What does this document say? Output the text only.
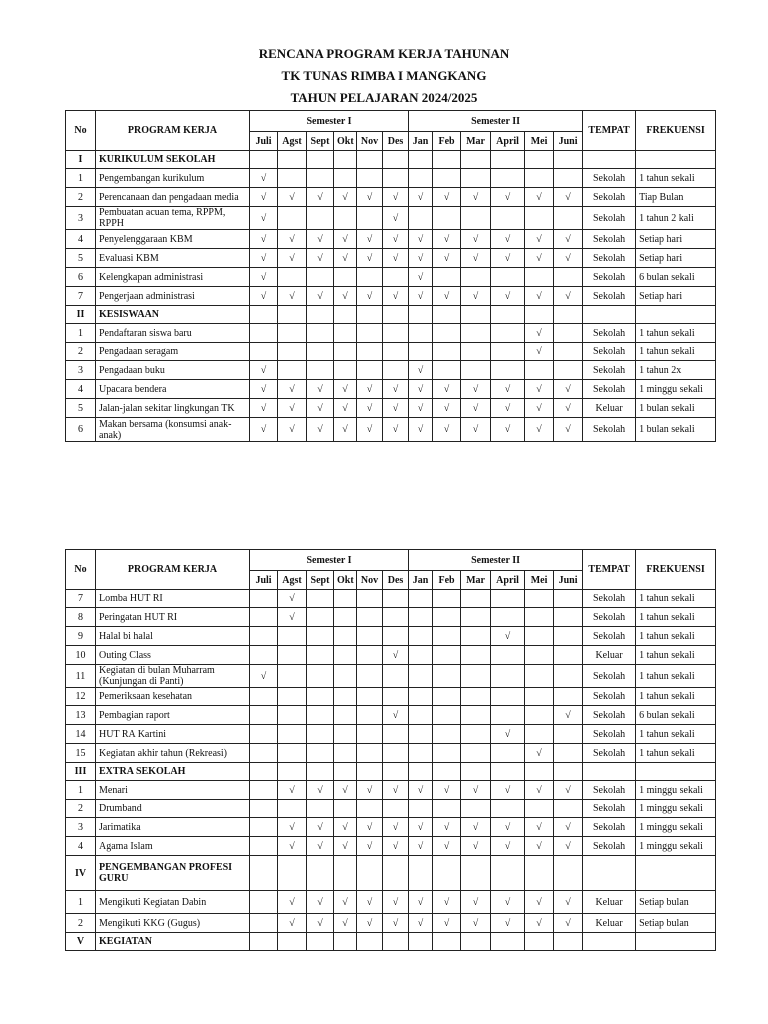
RENCANA PROGRAM KERJA TAHUNAN
TK TUNAS RIMBA I MANGKANG
TAHUN PELAJARAN 2024/2025
No	PROGRAM KERJA	Semester I						Semester II						TEMPAT	FREKUENSI
		Juli	Agst	Sept	Okt	Nov	Des	Jan	Feb	Mar	April	Mei	Juni		
I	KURIKULUM SEKOLAH														
1	Pengembangan kurikulum	√												Sekolah	1 tahun sekali
2	Perencanaan dan pengadaan media	√	√	√	√	√	√	√	√	√	√	√	√	Sekolah	Tiap Bulan
3	Pembuatan acuan tema, RPPM, RPPH	√					√							Sekolah	1 tahun 2 kali
4	Penyelenggaraan KBM	√	√	√	√	√	√	√	√	√	√	√	√	Sekolah	Setiap hari
5	Evaluasi KBM	√	√	√	√	√	√	√	√	√	√	√	√	Sekolah	Setiap hari
6	Kelengkapan administrasi	√						√						Sekolah	6 bulan sekali
7	Pengerjaan administrasi	√	√	√	√	√	√	√	√	√	√	√	√	Sekolah	Setiap hari
II	KESISWAAN														
1	Pendaftaran siswa baru											√		Sekolah	1 tahun sekali
2	Pengadaan seragam											√		Sekolah	1 tahun sekali
3	Pengadaan buku	√						√						Sekolah	1 tahun 2x
4	Upacara bendera	√	√	√	√	√	√	√	√	√	√	√	√	Sekolah	1 minggu sekali
5	Jalan-jalan sekitar lingkungan TK	√	√	√	√	√	√	√	√	√	√	√	√	Keluar	1 bulan sekali
6	Makan bersama (konsumsi anak-anak)	√	√	√	√	√	√	√	√	√	√	√	√	Sekolah	1 bulan sekali
No	PROGRAM KERJA	Semester I						Semester II						TEMPAT	FREKUENSI
		Juli	Agst	Sept	Okt	Nov	Des	Jan	Feb	Mar	April	Mei	Juni		
7	Lomba HUT RI		√											Sekolah	1 tahun sekali
8	Peringatan HUT RI		√											Sekolah	1 tahun sekali
9	Halal bi halal										√			Sekolah	1 tahun sekali
10	Outing Class						√							Keluar	1 tahun sekali
11	Kegiatan di bulan Muharram (Kunjungan di Panti)	√												Sekolah	1 tahun sekali
12	Pemeriksaan kesehatan													Sekolah	1 tahun sekali
13	Pembagian raport						√						√	Sekolah	6 bulan sekali
14	HUT RA Kartini										√			Sekolah	1 tahun sekali
15	Kegiatan akhir tahun (Rekreasi)											√		Sekolah	1 tahun sekali
III	EXTRA SEKOLAH														
1	Menari		√	√	√	√	√	√	√	√	√	√	√	Sekolah	1 minggu sekali
2	Drumband													Sekolah	1 minggu sekali
3	Jarimatika		√	√	√	√	√	√	√	√	√	√	√	Sekolah	1 minggu sekali
4	Agama Islam		√	√	√	√	√	√	√	√	√	√	√	Sekolah	1 minggu sekali
IV	PENGEMBANGAN PROFESI GURU														
1	Mengikuti Kegiatan Dabin		√	√	√	√	√	√	√	√	√	√	√	Keluar	Setiap bulan
2	Mengikuti KKG (Gugus)		√	√	√	√	√	√	√	√	√	√	√	Keluar	Setiap bulan
V	KEGIATAN														
